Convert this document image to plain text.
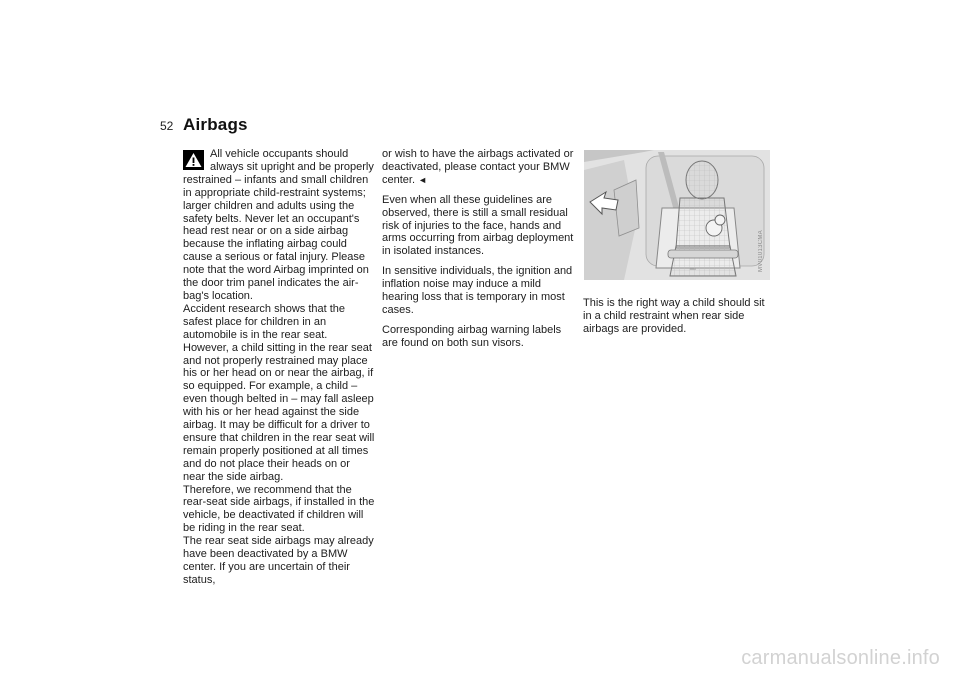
52 Airbags

All vehicle occupants should always sit upright and be properly restrained – infants and small children in appropriate child-restraint systems; larger children and adults using the safety belts. Never let an occupant's head rest near or on a side airbag because the inflating airbag could cause a serious or fatal injury. Please note that the word Airbag imprinted on the door trim panel indicates the air-bag's location.

Accident research shows that the safest place for children in an automobile is in the rear seat. However, a child sitting in the rear seat and not properly restrained may place his or her head on or near the airbag, if so equipped. For example, a child – even though belted in – may fall asleep with his or her head against the side airbag. It may be difficult for a driver to ensure that children in the rear seat will remain properly positioned at all times and do not place their heads on or near the side airbag.

Therefore, we recommend that the rear-seat side airbags, if installed in the vehicle, be deactivated if children will be riding in the rear seat.

The rear seat side airbags may already have been deactivated by a BMW center. If you are uncertain of their status,

or wish to have the airbags activated or deactivated, please contact your BMW center. ◄

Even when all these guidelines are observed, there is still a small residual risk of injuries to the face, hands and arms occurring from airbag deployment in isolated instances.

In sensitive individuals, the ignition and inflation noise may induce a mild hearing loss that is temporary in most cases.

Corresponding airbag warning labels are found on both sun visors.

MV01013CMA

This is the right way a child should sit in a child restraint when rear side airbags are provided.

carmanualsonline.info
